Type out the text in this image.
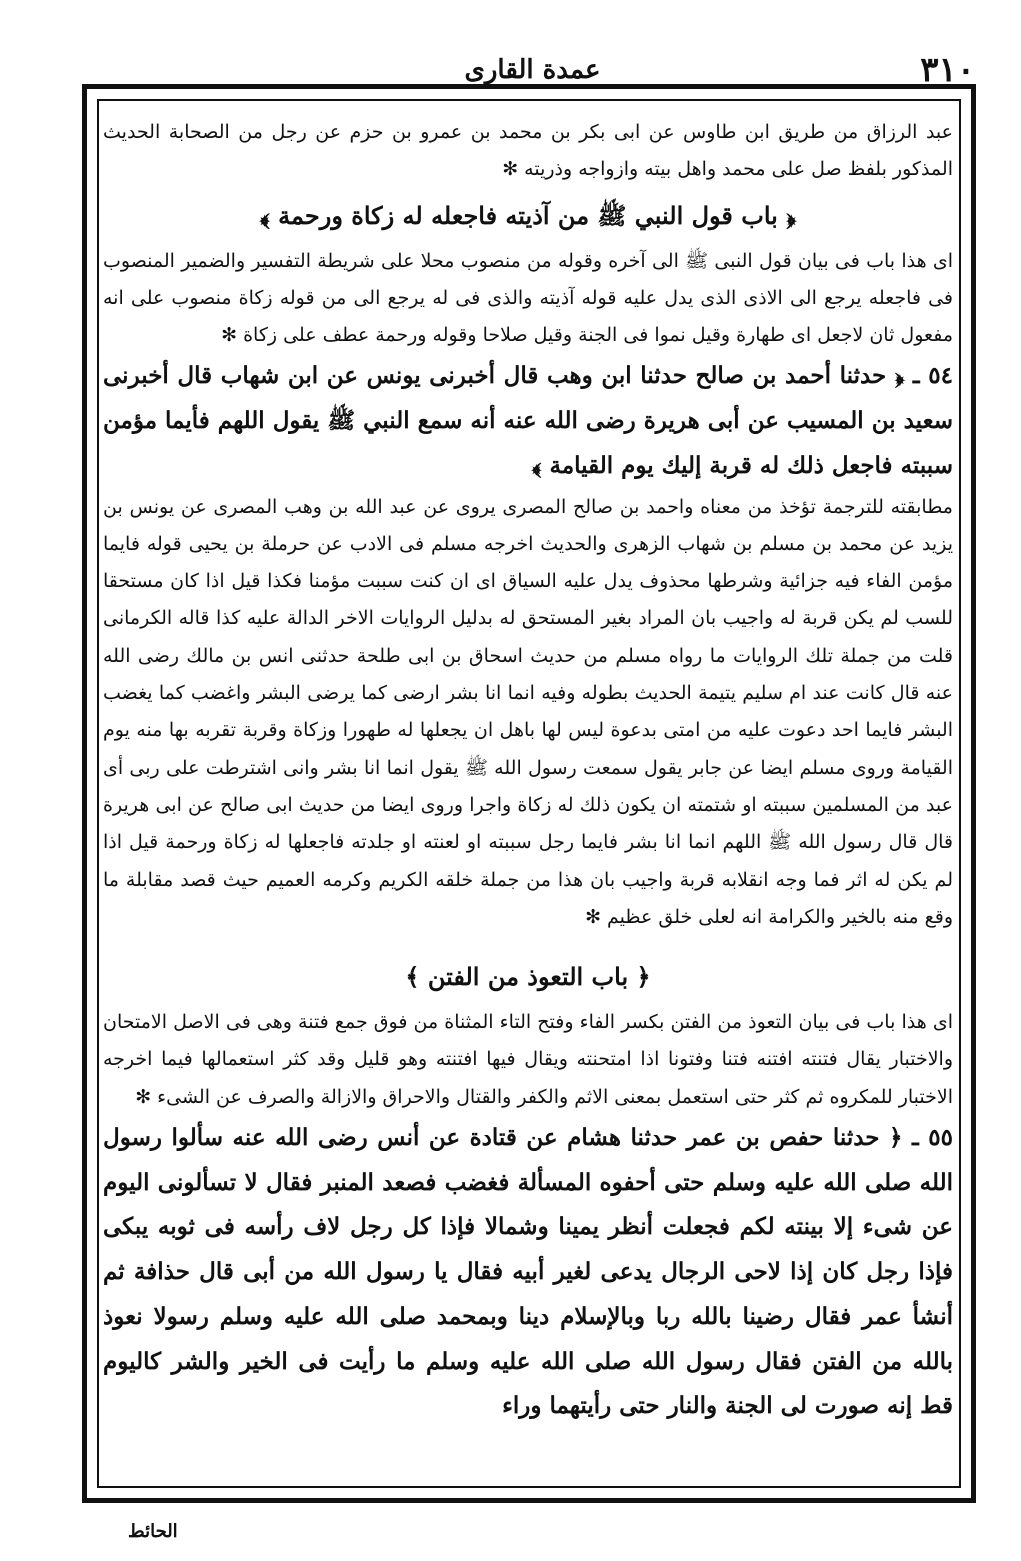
٣١٠
عمدة القاری

عبد الرزاق من طريق ابن طاوس عن ابى بكر بن محمد بن عمرو بن حزم عن رجل من الصحابة الحديث المذكور بلفظ صل على محمد واهل بيته وازواجه وذريته ✻

﴿ باب قول النبي ﷺ من آذيته فاجعله له زكاة ورحمة ﴾

اى هذا باب فى بيان قول النبى ﷺ الى آخره وقوله من منصوب محلا على شريطة التفسير والضمير المنصوب فى فاجعله يرجع الى الاذى الذى يدل عليه قوله آذيته والذى فى له يرجع الى من قوله زكاة منصوب على انه مفعول ثان لاجعل اى طهارة وقيل نموا فى الجنة وقيل صلاحا وقوله ورحمة عطف على زكاة ✻

٥٤ ـ ﴿ حدثنا أحمد بن صالح حدثنا ابن وهب قال أخبرنى يونس عن ابن شهاب قال أخبرنى سعيد بن المسيب عن أبى هريرة رضى الله عنه أنه سمع النبي ﷺ يقول اللهم فأيما مؤمن سببته فاجعل ذلك له قربة إليك يوم القيامة ﴾

مطابقته للترجمة تؤخذ من معناه واحمد بن صالح المصرى يروى عن عبد الله بن وهب المصرى عن يونس بن يزيد عن محمد بن مسلم بن شهاب الزهرى والحديث اخرجه مسلم فى الادب عن حرملة بن يحيى قوله فايما مؤمن الفاء فيه جزائية وشرطها محذوف يدل عليه السياق اى ان كنت سببت مؤمنا فكذا قيل اذا كان مستحقا للسب لم يكن قربة له واجيب بان المراد بغير المستحق له بدليل الروايات الاخر الدالة عليه كذا قاله الكرمانى قلت من جملة تلك الروايات ما رواه مسلم من حديث اسحاق بن ابى طلحة حدثنى انس بن مالك رضى الله عنه قال كانت عند ام سليم يتيمة الحديث بطوله وفيه انما انا بشر ارضى كما يرضى البشر واغضب كما يغضب البشر فايما احد دعوت عليه من امتى بدعوة ليس لها باهل ان يجعلها له طهورا وزكاة وقربة تقربه بها منه يوم القيامة وروى مسلم ايضا عن جابر يقول سمعت رسول الله ﷺ يقول انما انا بشر وانى اشترطت على ربى أى عبد من المسلمين سببته او شتمته ان يكون ذلك له زكاة واجرا وروى ايضا من حديث ابى صالح عن ابى هريرة قال قال رسول الله ﷺ اللهم انما انا بشر فايما رجل سببته او لعنته او جلدته فاجعلها له زكاة ورحمة قيل اذا لم يكن له اثر فما وجه انقلابه قربة واجيب بان هذا من جملة خلقه الكريم وكرمه العميم حيث قصد مقابلة ما وقع منه بالخير والكرامة انه لعلى خلق عظيم ✻

﴿ باب التعوذ من الفتن ﴾

اى هذا باب فى بيان التعوذ من الفتن بكسر الفاء وفتح التاء المثناة من فوق جمع فتنة وهى فى الاصل الامتحان والاختبار يقال فتنته افتنه فتنا وفتونا اذا امتحنته ويقال فيها افتنته وهو قليل وقد كثر استعمالها فيما اخرجه الاختبار للمكروه ثم كثر حتى استعمل بمعنى الاثم والكفر والقتال والاحراق والازالة والصرف عن الشىء ✻

٥٥ ـ ﴿ حدثنا حفص بن عمر حدثنا هشام عن قتادة عن أنس رضى الله عنه سألوا رسول الله صلى الله عليه وسلم حتى أحفوه المسألة فغضب فصعد المنبر فقال لا تسألونى اليوم عن شىء إلا بينته لكم فجعلت أنظر يمينا وشمالا فإذا كل رجل لاف رأسه فى ثوبه يبكى فإذا رجل كان إذا لاحى الرجال يدعى لغير أبيه فقال يا رسول الله من أبى قال حذافة ثم أنشأ عمر فقال رضينا بالله ربا وبالإسلام دينا وبمحمد صلى الله عليه وسلم رسولا نعوذ بالله من الفتن فقال رسول الله صلى الله عليه وسلم ما رأيت فى الخير والشر كاليوم قط إنه صورت لى الجنة والنار حتى رأيتهما وراء

الحائط
